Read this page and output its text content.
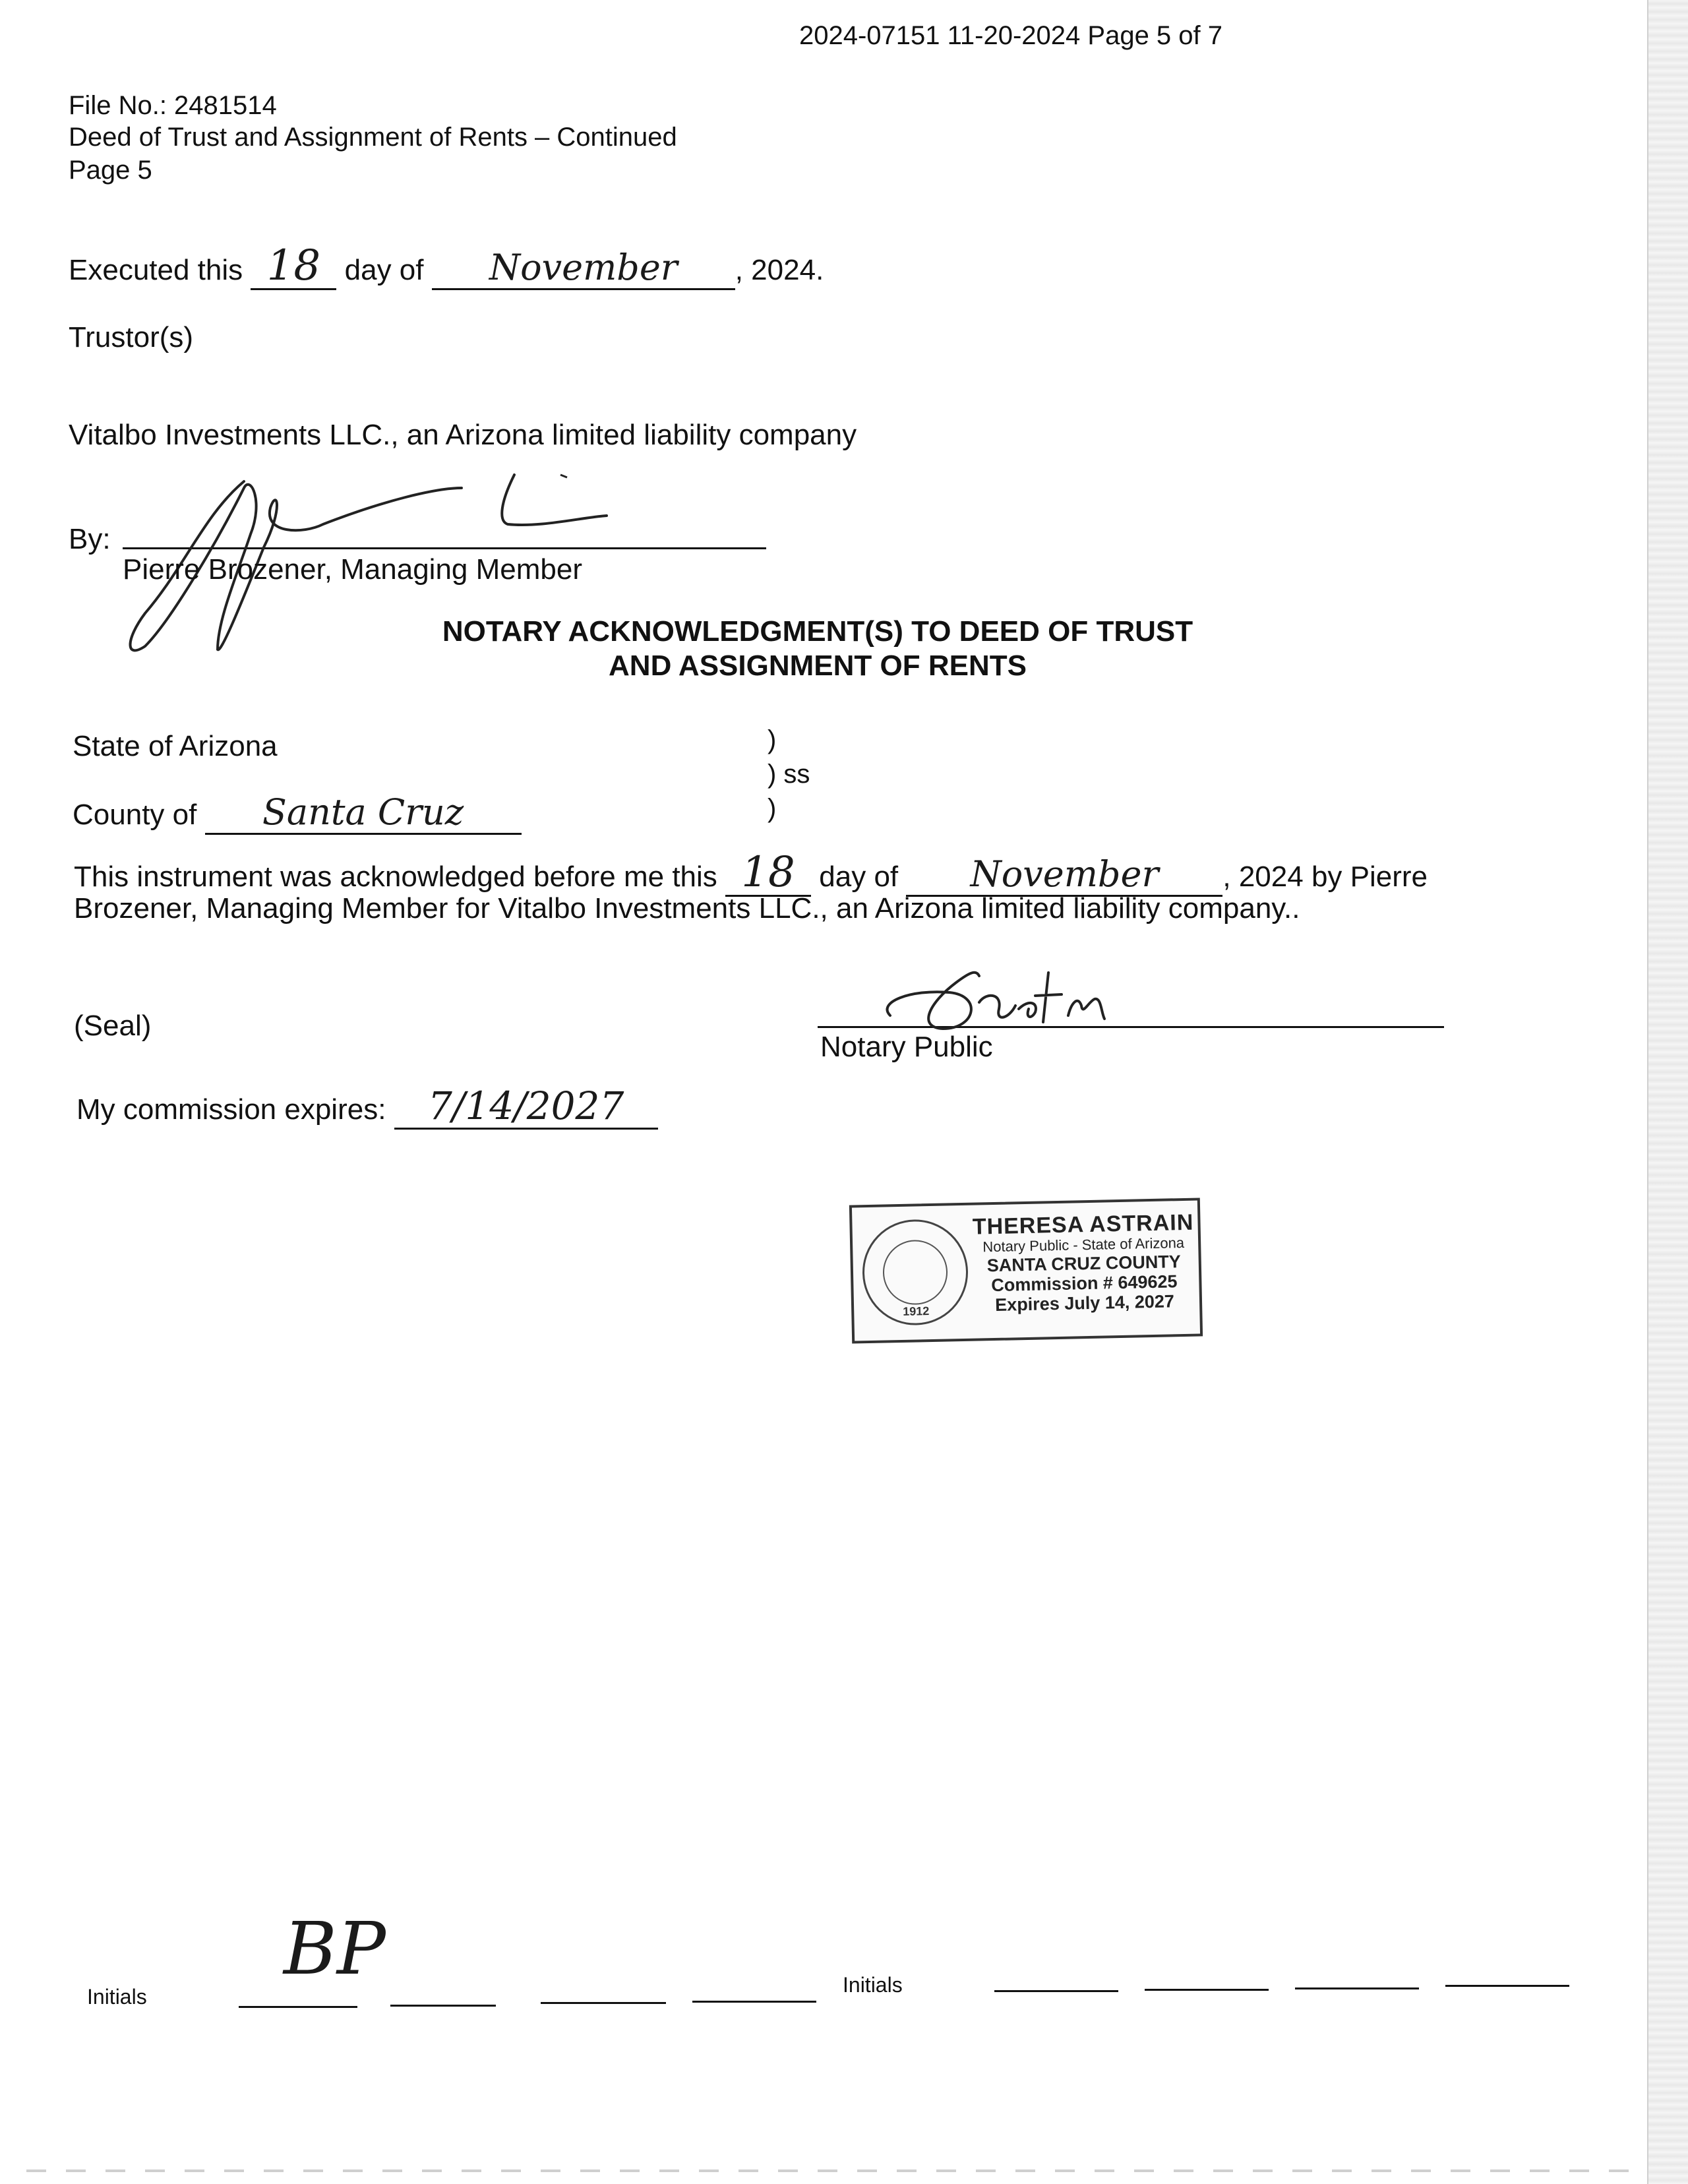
2024-07151 11-20-2024 Page 5 of 7
File No.: 2481514
Deed of Trust and Assignment of Rents – Continued
Page 5
Executed this 18 day of November , 2024.
Trustor(s)
Vitalbo Investments LLC., an Arizona limited liability company
By:
Pierre Brozener, Managing Member
NOTARY ACKNOWLEDGMENT(S) TO DEED OF TRUST
AND ASSIGNMENT OF RENTS
State of Arizona	)
) ss
)
County of Santa Cruz
This instrument was acknowledged before me this 18 day of November , 2024 by Pierre
Brozener, Managing Member for Vitalbo Investments LLC., an Arizona limited liability company..
(Seal)
Notary Public
My commission expires: 7/14/2027
1912
THERESA ASTRAIN
Notary Public - State of Arizona
SANTA CRUZ COUNTY
Commission # 649625
Expires July 14, 2027
Initials
BP	Initials
